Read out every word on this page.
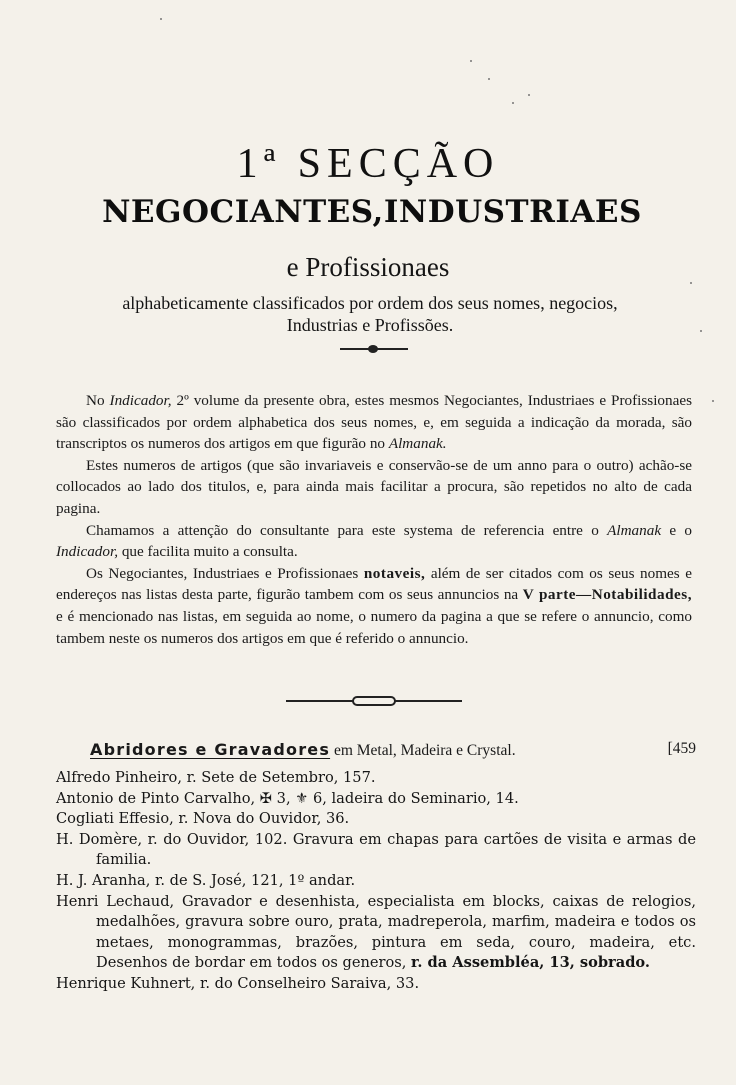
1ª SECÇÃO
NEGOCIANTES,INDUSTRIAES
e Profissionaes
alphabeticamente classificados por ordem dos seus nomes, negocios,
Industrias e Profissões.

No Indicador, 2º volume da presente obra, estes mesmos Negociantes, Industriaes e Profissionaes são classificados por ordem alphabetica dos seus nomes, e, em seguida a indicação da morada, são transcriptos os numeros dos artigos em que figurão no Almanak.

Estes numeros de artigos (que são invariaveis e conservão-se de um anno para o outro) achão-se collocados ao lado dos titulos, e, para ainda mais facilitar a procura, são repetidos no alto de cada pagina.

Chamamos a attenção do consultante para este systema de referencia entre o Almanak e o Indicador, que facilita muito a consulta.

Os Negociantes, Industriaes e Profissionaes notaveis, além de ser citados com os seus nomes e endereços nas listas desta parte, figurão tambem com os seus annuncios na V parte—Notabilidades, e é mencionado nas listas, em seguida ao nome, o numero da pagina a que se refere o annuncio, como tambem neste os numeros dos artigos em que é referido o annuncio.

Abridores e Gravadores em Metal, Madeira e Crystal.	[459

Alfredo Pinheiro, r. Sete de Setembro, 157.

Antonio de Pinto Carvalho, ✠ 3, ⚜ 6, ladeira do Seminario, 14.

Cogliati Effesio, r. Nova do Ouvidor, 36.

H. Domère, r. do Ouvidor, 102. Gravura em chapas para cartões de visita e armas de familia.

H. J. Aranha, r. de S. José, 121, 1º andar.

Henri Lechaud, Gravador e desenhista, especialista em blocks, caixas de relogios, medalhões, gravura sobre ouro, prata, madreperola, marfim, madeira e todos os metaes, monogrammas, brazões, pintura em seda, couro, madeira, etc. Desenhos de bordar em todos os generos, r. da Assembléa, 13, sobrado.

Henrique Kuhnert, r. do Conselheiro Saraiva, 33.
